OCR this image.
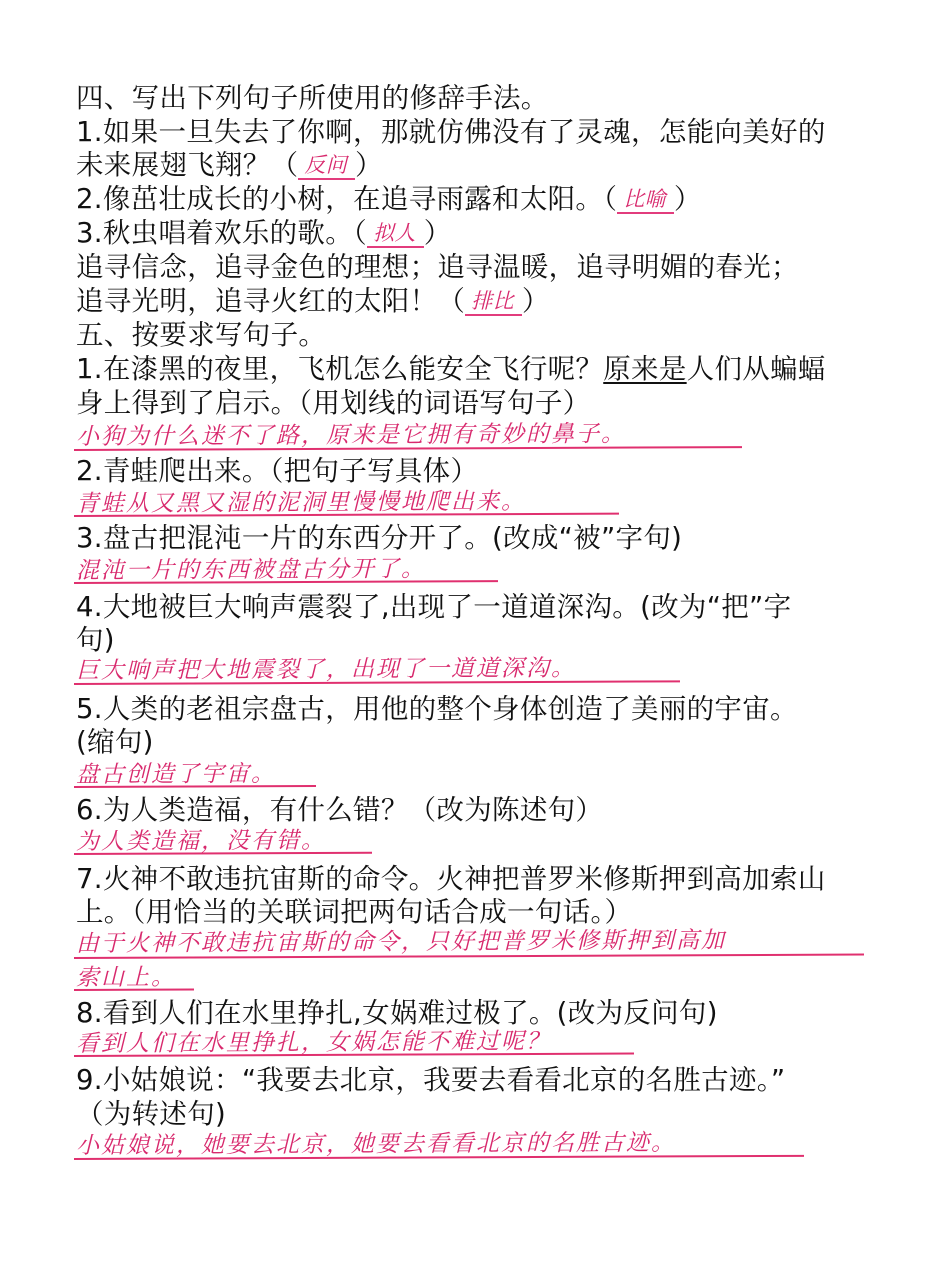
四、写出下列句子所使用的修辞手法。
1.如果一旦失去了你啊，那就仿佛没有了灵魂，怎能向美好的
未来展翅飞翔？（ 反问 ）
2.像茁壮成长的小树，在追寻雨露和太阳。（ 比喻 ）
3.秋虫唱着欢乐的歌。（ 拟人 ）
追寻信念，追寻金色的理想；追寻温暖，追寻明媚的春光；
追寻光明，追寻火红的太阳！（ 排比 ）
五、按要求写句子。
1.在漆黑的夜里，飞机怎么能安全飞行呢？原来是人们从蝙蝠
身上得到了启示。（用划线的词语写句子）
小狗为什么迷不了路，原来是它拥有奇妙的鼻子。
2.青蛙爬出来。（把句子写具体）
青蛙从又黑又湿的泥洞里慢慢地爬出来。
3.盘古把混沌一片的东西分开了。(改成“被”字句)
混沌一片的东西被盘古分开了。
4.大地被巨大响声震裂了,出现了一道道深沟。(改为“把”字
句)
巨大响声把大地震裂了，出现了一道道深沟。
5.人类的老祖宗盘古，用他的整个身体创造了美丽的宇宙。
(缩句)
盘古创造了宇宙。
6.为人类造福，有什么错？（改为陈述句）
为人类造福，没有错。
7.火神不敢违抗宙斯的命令。火神把普罗米修斯押到高加索山
上。（用恰当的关联词把两句话合成一句话。）
由于火神不敢违抗宙斯的命令，只好把普罗米修斯押到高加
索山上。
8.看到人们在水里挣扎,女娲难过极了。(改为反问句)
看到人们在水里挣扎，女娲怎能不难过呢？
9.小姑娘说：“我要去北京，我要去看看北京的名胜古迹。”
（为转述句)
小姑娘说，她要去北京，她要去看看北京的名胜古迹。
